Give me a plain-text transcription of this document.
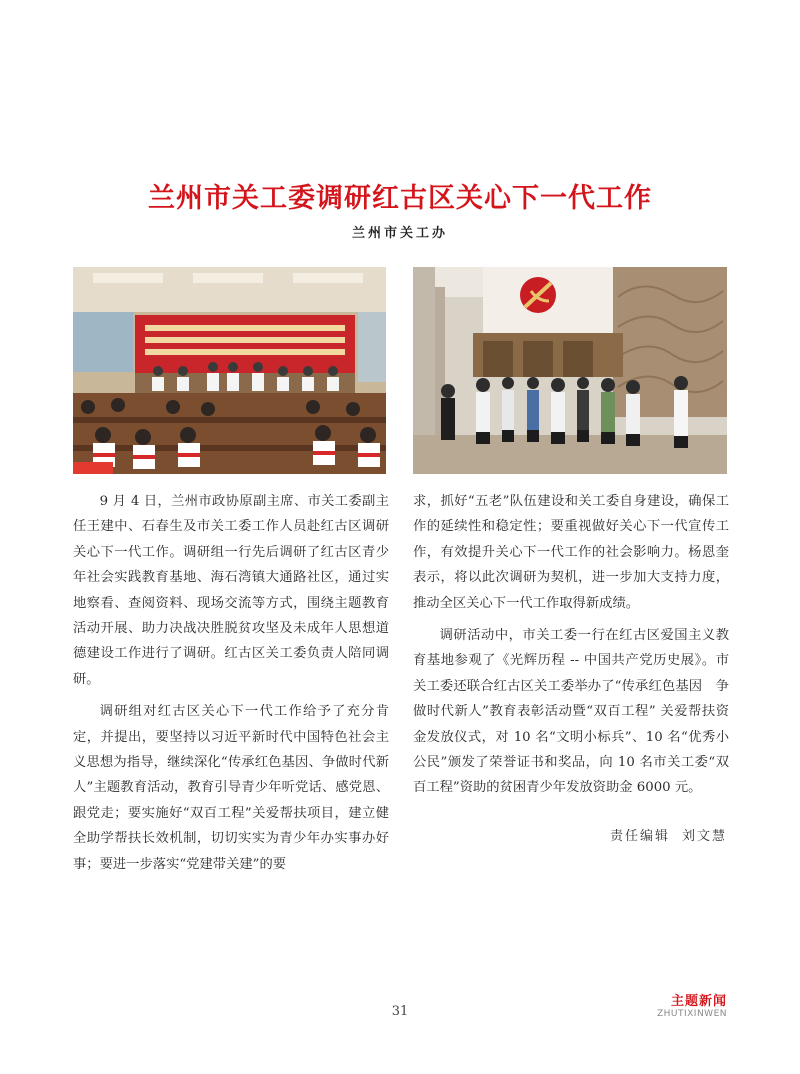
兰州市关工委调研红古区关心下一代工作
兰州市关工办

9 月 4 日，兰州市政协原副主席、市关工委副主任王建中、石春生及市关工委工作人员赴红古区调研关心下一代工作。调研组一行先后调研了红古区青少年社会实践教育基地、海石湾镇大通路社区，通过实地察看、查阅资料、现场交流等方式，围绕主题教育活动开展、助力决战决胜脱贫攻坚及未成年人思想道德建设工作进行了调研。红古区关工委负责人陪同调研。

调研组对红古区关心下一代工作给予了充分肯定，并提出，要坚持以习近平新时代中国特色社会主义思想为指导，继续深化“传承红色基因、争做时代新人”主题教育活动，教育引导青少年听党话、感党恩、跟党走；要实施好“双百工程”关爱帮扶项目，建立健全助学帮扶长效机制，切切实实为青少年办实事办好事；要进一步落实“党建带关建”的要

求，抓好“五老”队伍建设和关工委自身建设，确保工作的延续性和稳定性；要重视做好关心下一代宣传工作，有效提升关心下一代工作的社会影响力。杨恩奎表示，将以此次调研为契机，进一步加大支持力度，推动全区关心下一代工作取得新成绩。

调研活动中，市关工委一行在红古区爱国主义教育基地参观了《光辉历程 -- 中国共产党历史展》。市关工委还联合红古区关工委举办了“传承红色基因　争做时代新人”教育表彰活动暨“双百工程” 关爱帮扶资金发放仪式，对 10 名“文明小标兵”、10 名“优秀小公民”颁发了荣誉证书和奖品，向 10 名市关工委“双百工程”资助的贫困青少年发放资助金 6000 元。

责任编辑 刘文慧
31
主题新闻
ZHUTIXINWEN
